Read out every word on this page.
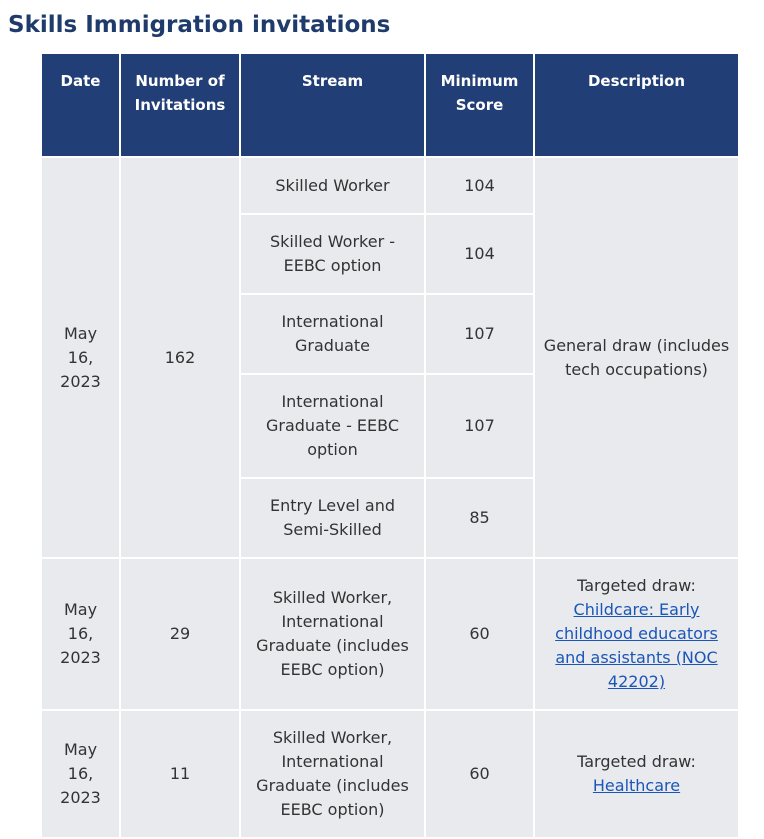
Skills Immigration invitations
Date	Number of Invitations	Stream	Minimum Score	Description
May 16, 2023	162	Skilled Worker	104	General draw (includes tech occupations)
		Skilled Worker - EEBC option	104	
		International Graduate	107	
		International Graduate - EEBC option	107	
		Entry Level and Semi-Skilled	85	
May 16, 2023	29	Skilled Worker, International Graduate (includes EEBC option)	60	Targeted draw:
Childcare: Early childhood educators and assistants (NOC 42202)
May 16, 2023	11	Skilled Worker, International Graduate (includes EEBC option)	60	Targeted draw:
Healthcare
